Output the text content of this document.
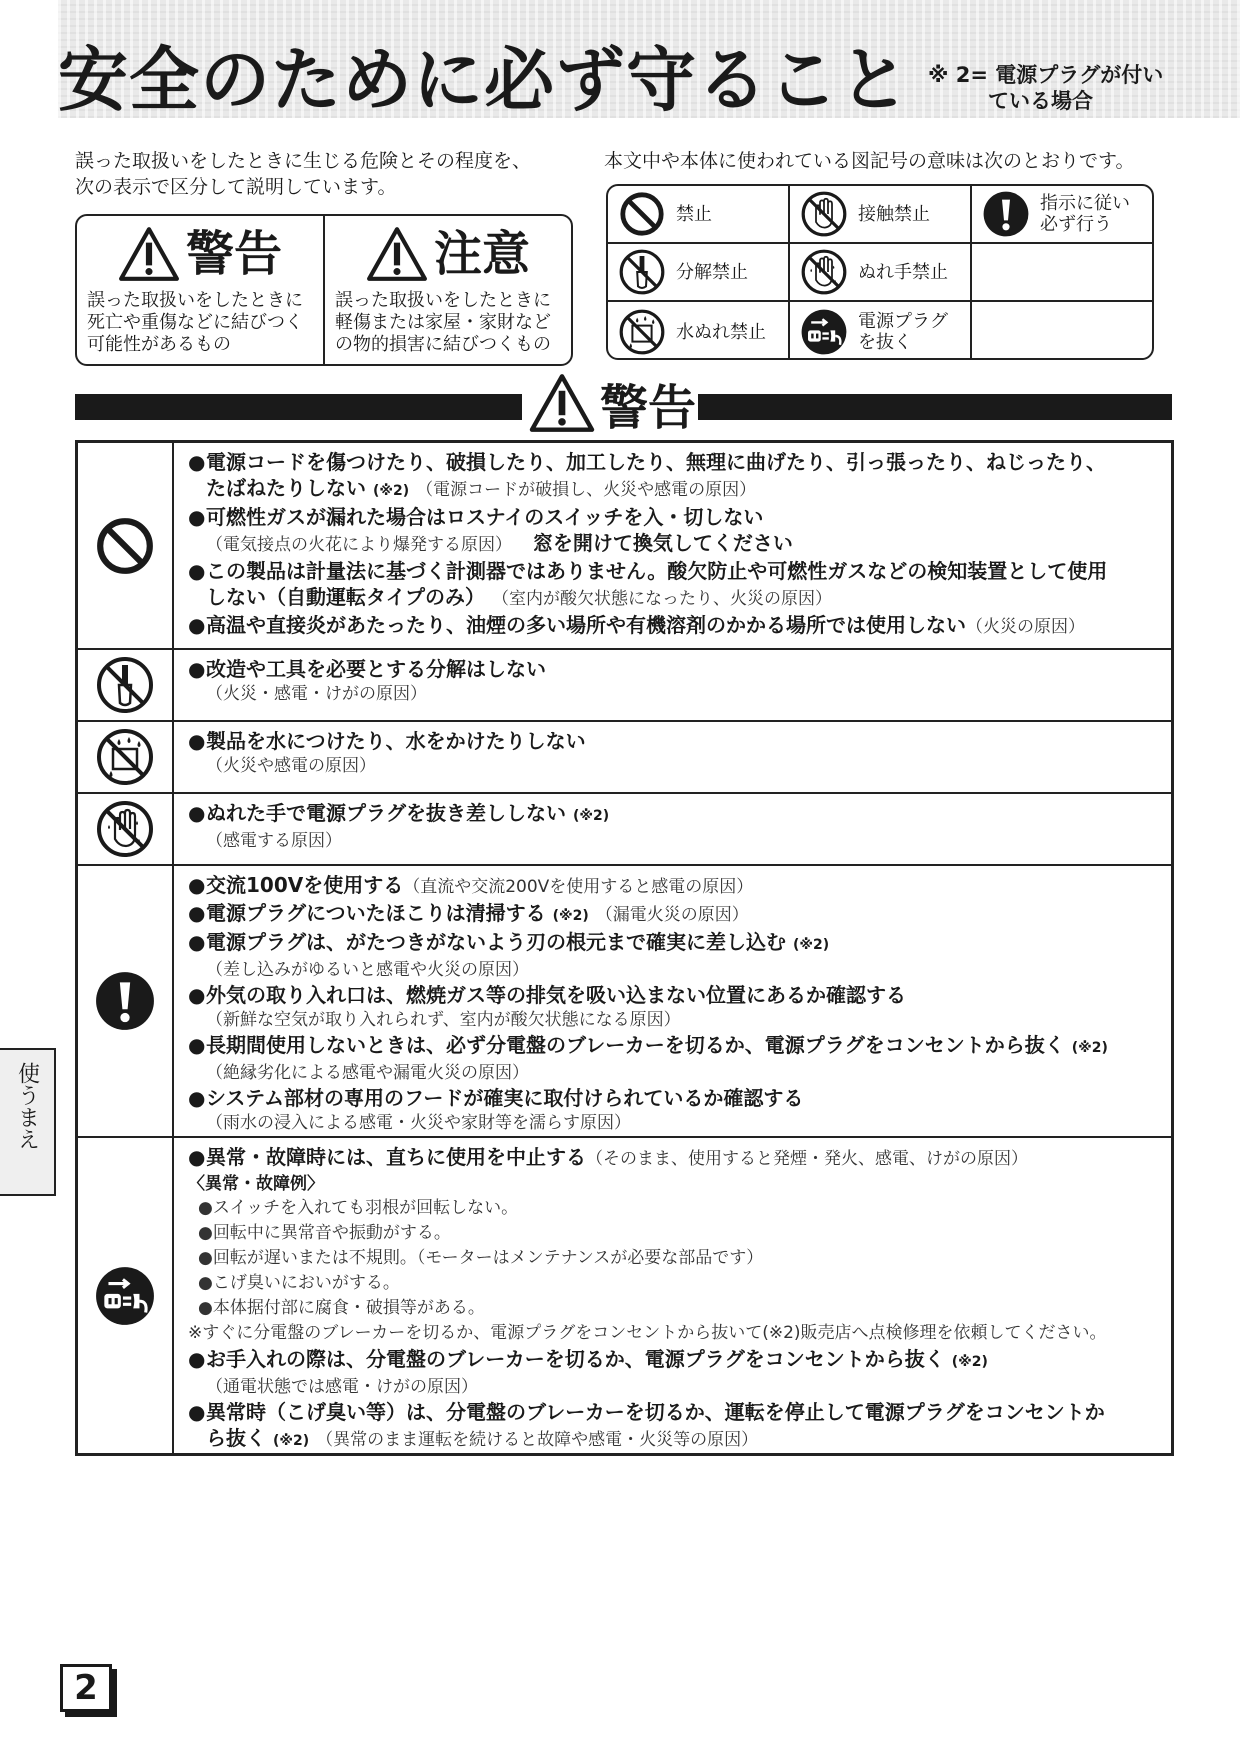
安全のために必ず守ること ※ 2= 電源プラグが付い
ている場合
誤った取扱いをしたときに生じる危険とその程度を、
次の表示で区分して説明しています。
本文中や本体に使われている図記号の意味は次のとおりです。
警告
誤った取扱いをしたときに
死亡や重傷などに結びつく
可能性があるもの
注意
誤った取扱いをしたときに
軽傷または家屋・家財など
の物的損害に結びつくもの
禁止	接触禁止	指示に従い
必ず行う
分解禁止	ぬれ手禁止
水ぬれ禁止	電源プラグ
を抜く
警告
●電源コードを傷つけたり、破損したり、加工したり、無理に曲げたり、引っ張ったり、ねじったり、
たばねたりしない (※2) （電源コードが破損し、火災や感電の原因）
●可燃性ガスが漏れた場合はロスナイのスイッチを入・切しない
（電気接点の火花により爆発する原因） 窓を開けて換気してください
●この製品は計量法に基づく計測器ではありません。酸欠防止や可燃性ガスなどの検知装置として使用
しない（自動運転タイプのみ） （室内が酸欠状態になったり、火災の原因）
●高温や直接炎があたったり、油煙の多い場所や有機溶剤のかかる場所では使用しない（火災の原因）
●改造や工具を必要とする分解はしない
（火災・感電・けがの原因）
●製品を水につけたり、水をかけたりしない
（火災や感電の原因）
●ぬれた手で電源プラグを抜き差ししない (※2)
（感電する原因）
●交流100Vを使用する（直流や交流200Vを使用すると感電の原因）
●電源プラグについたほこりは清掃する (※2) （漏電火災の原因）
●電源プラグは、がたつきがないよう刃の根元まで確実に差し込む (※2)
（差し込みがゆるいと感電や火災の原因）
●外気の取り入れ口は、燃焼ガス等の排気を吸い込まない位置にあるか確認する
（新鮮な空気が取り入れられず、室内が酸欠状態になる原因）
●長期間使用しないときは、必ず分電盤のブレーカーを切るか、電源プラグをコンセントから抜く (※2)
（絶縁劣化による感電や漏電火災の原因）
●システム部材の専用のフードが確実に取付けられているか確認する
（雨水の浸入による感電・火災や家財等を濡らす原因）
●異常・故障時には、直ちに使用を中止する（そのまま、使用すると発煙・発火、感電、けがの原因）
〈異常・故障例〉
●スイッチを入れても羽根が回転しない。
●回転中に異常音や振動がする。
●回転が遅いまたは不規則。（モーターはメンテナンスが必要な部品です）
●こげ臭いにおいがする。
●本体据付部に腐食・破損等がある。
※すぐに分電盤のブレーカーを切るか、電源プラグをコンセントから抜いて(※2)販売店へ点検修理を依頼してください。
●お手入れの際は、分電盤のブレーカーを切るか、電源プラグをコンセントから抜く (※2)
（通電状態では感電・けがの原因）
●異常時（こげ臭い等）は、分電盤のブレーカーを切るか、運転を停止して電源プラグをコンセントか
ら抜く (※2) （異常のまま運転を続けると故障や感電・火災等の原因）
使うまえ
2
